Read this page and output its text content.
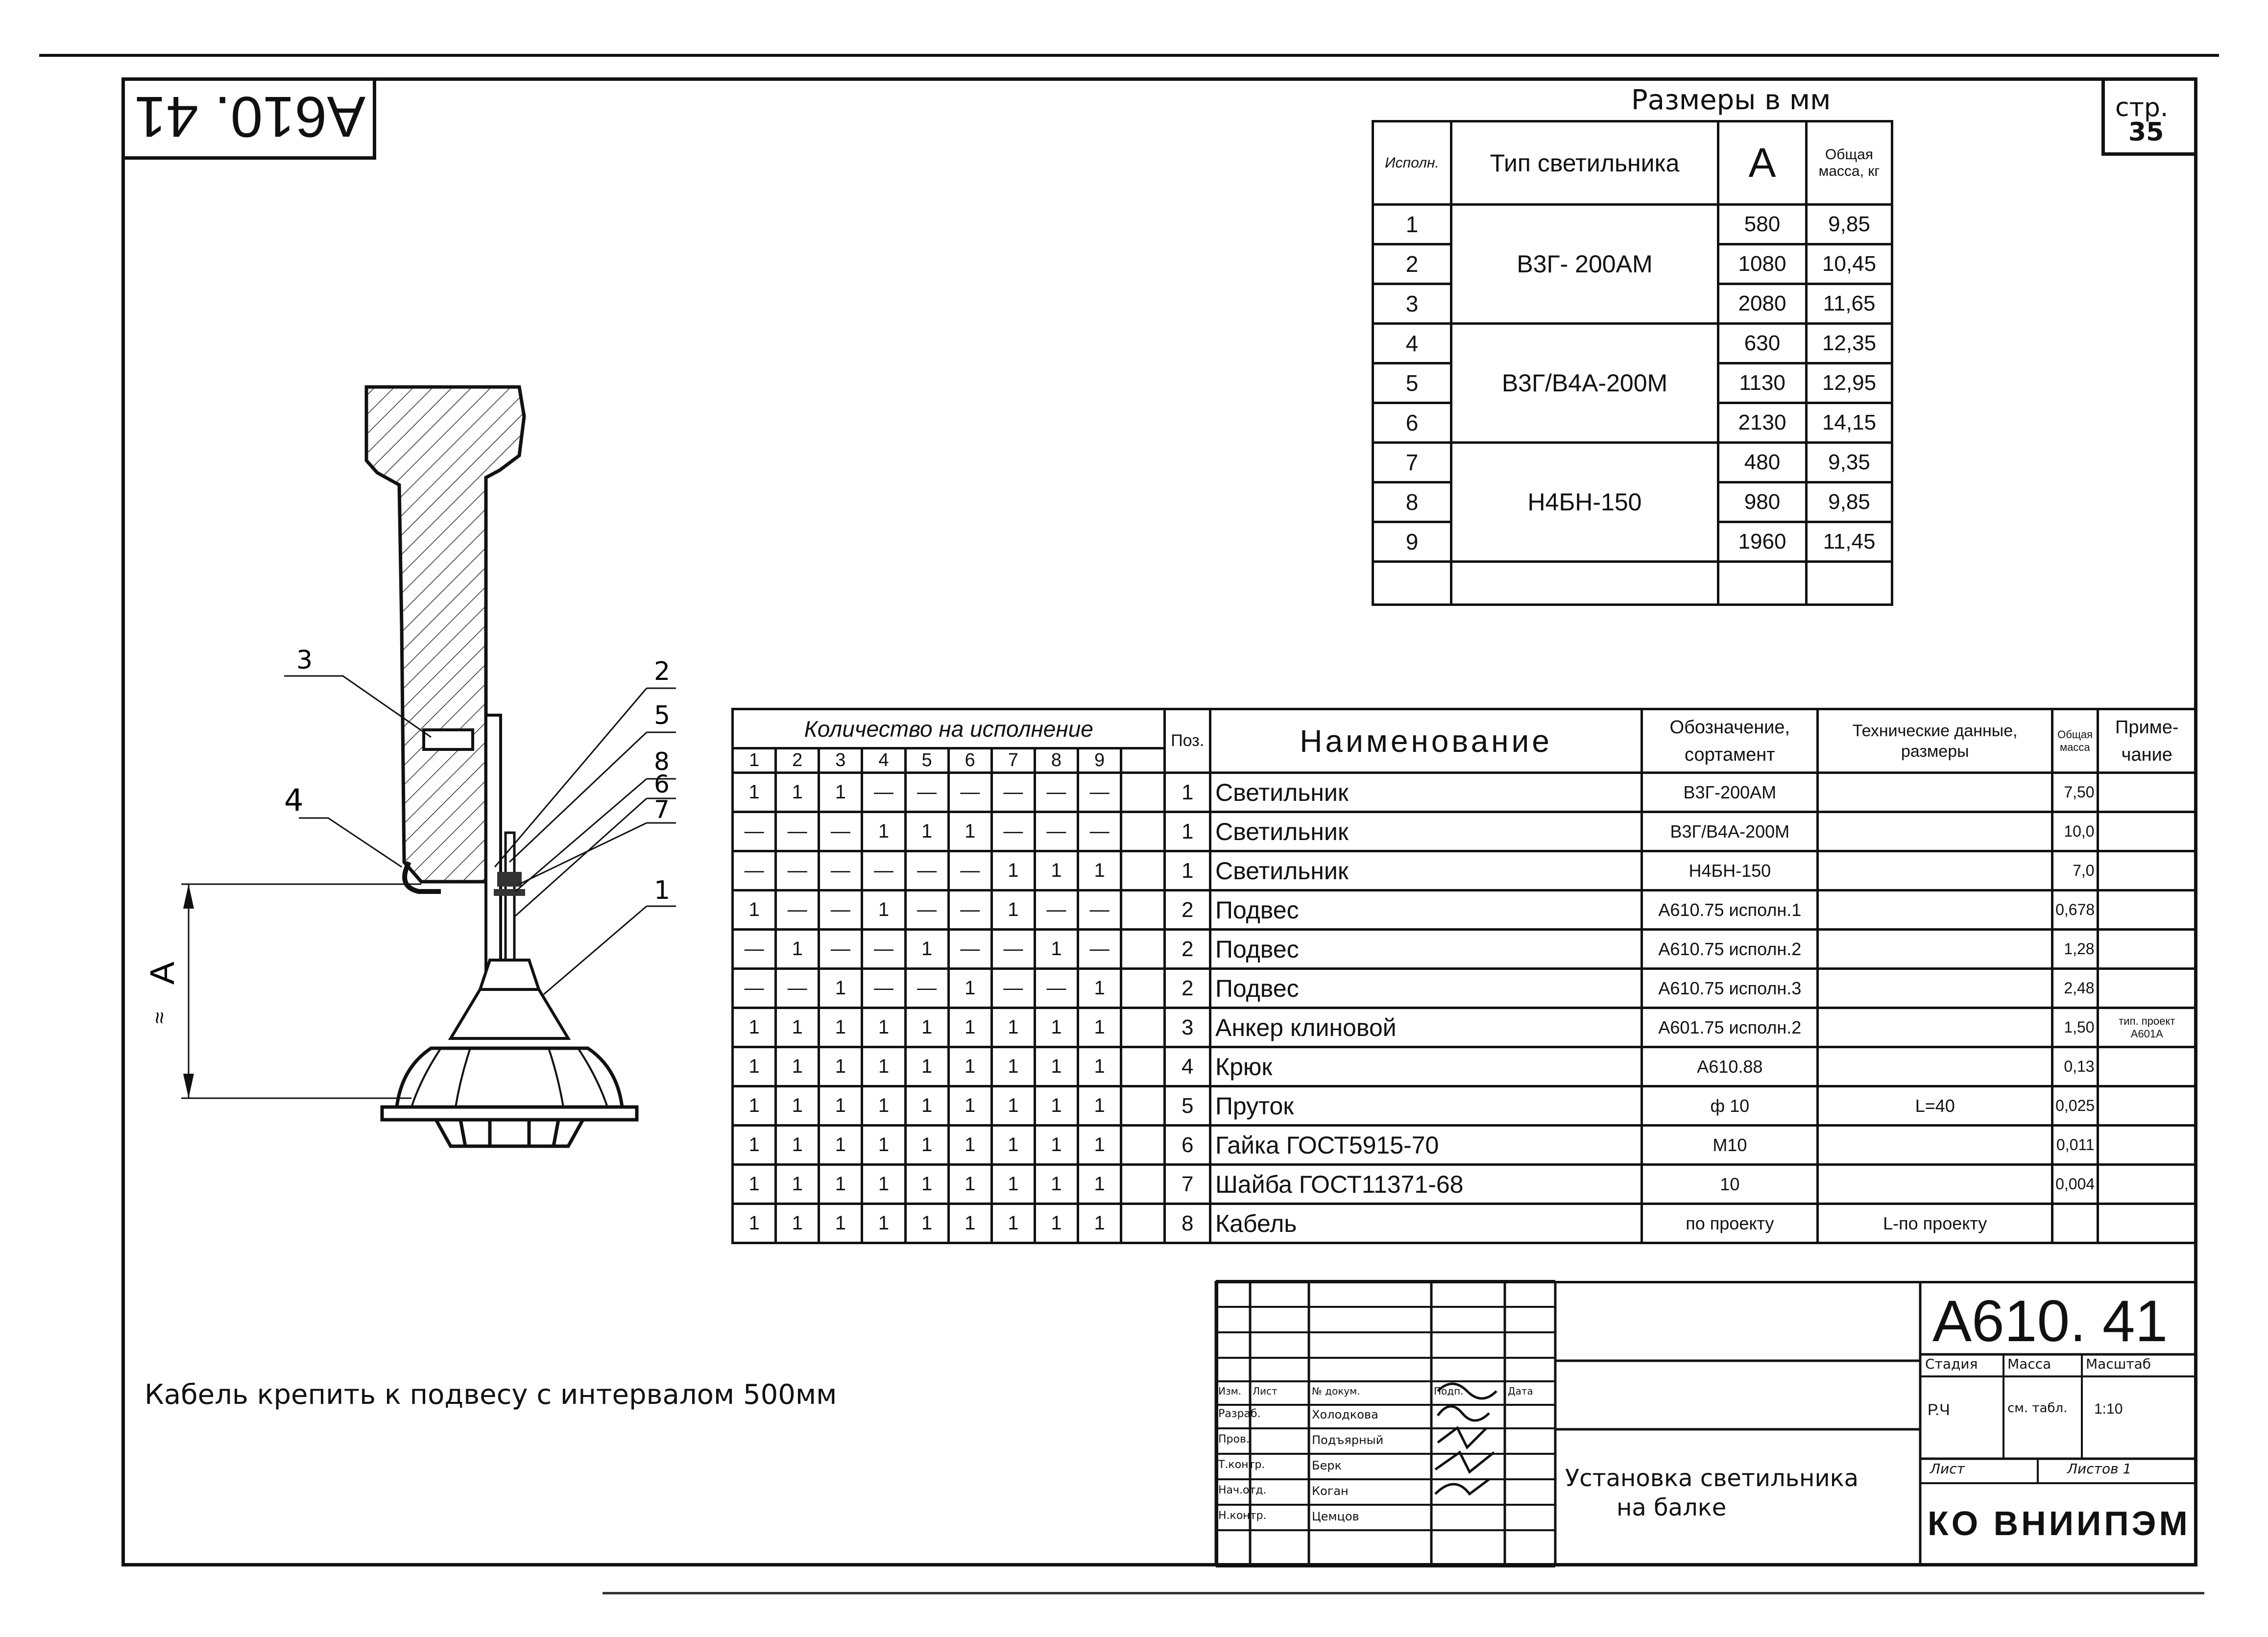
А610. 41	стр.
35
Размеры в мм
Исполн.	Тип светильника	А	Общая масса, кг
1	В3Г- 200АМ	580	9,85
2		1080	10,45
3		2080	11,65
4	В3Г/В4А-200М	630	12,35
5		1130	12,95
6		2130	14,15
7	Н4БН-150	480	9,35
8		980	9,85
9		1960	11,45

Количество на исполнение										Поз.	Наименование	Обозначение, сортамент	Технические данные, размеры	Общая масса	Приме-чание
1	2	3	4	5	6	7	8	9							
1	1	1	—	—	—	—	—	—		1	Светильник	В3Г-200АМ		7,50	
—	—	—	1	1	1	—	—	—		1	Светильник	В3Г/В4А-200М		10,0	
—	—	—	—	—	—	1	1	1		1	Светильник	Н4БН-150		7,0	
1	—	—	1	—	—	1	—	—		2	Подвес	А610.75 исполн.1		0,678	
—	1	—	—	1	—	—	1	—		2	Подвес	А610.75 исполн.2		1,28	
—	—	1	—	—	1	—	—	1		2	Подвес	А610.75 исполн.3		2,48	
1	1	1	1	1	1	1	1	1		3	Анкер клиновой	А601.75 исполн.2		1,50	тип. проект А601А
1	1	1	1	1	1	1	1	1		4	Крюк	А610.88		0,13	
1	1	1	1	1	1	1	1	1		5	Пруток	ф 10	L=40	0,025	
1	1	1	1	1	1	1	1	1		6	Гайка ГОСТ5915-70	М10		0,011	
1	1	1	1	1	1	1	1	1		7	Шайба ГОСТ11371-68	10		0,004	
1	1	1	1	1	1	1	1	1		8	Кабель	по проекту	L-по проекту		
Изм. Лист	№ докум.	Подп.	Дата
Разраб.	Холодкова
Пров.	Подъярный
Т.контр.	Берк
Нач.отд.	Коган
Н.контр.	Цемцов
А610. 41
Стадия Масса	Масштаб
Р.Ч	см. табл. 1:10
Лист	Листов 1
КО ВНИИПЭМ
Установка светильника
на балке
Кабель крепить к подвесу с интервалом 500мм
А
≈
3
4
2
5
8
6
7
1
